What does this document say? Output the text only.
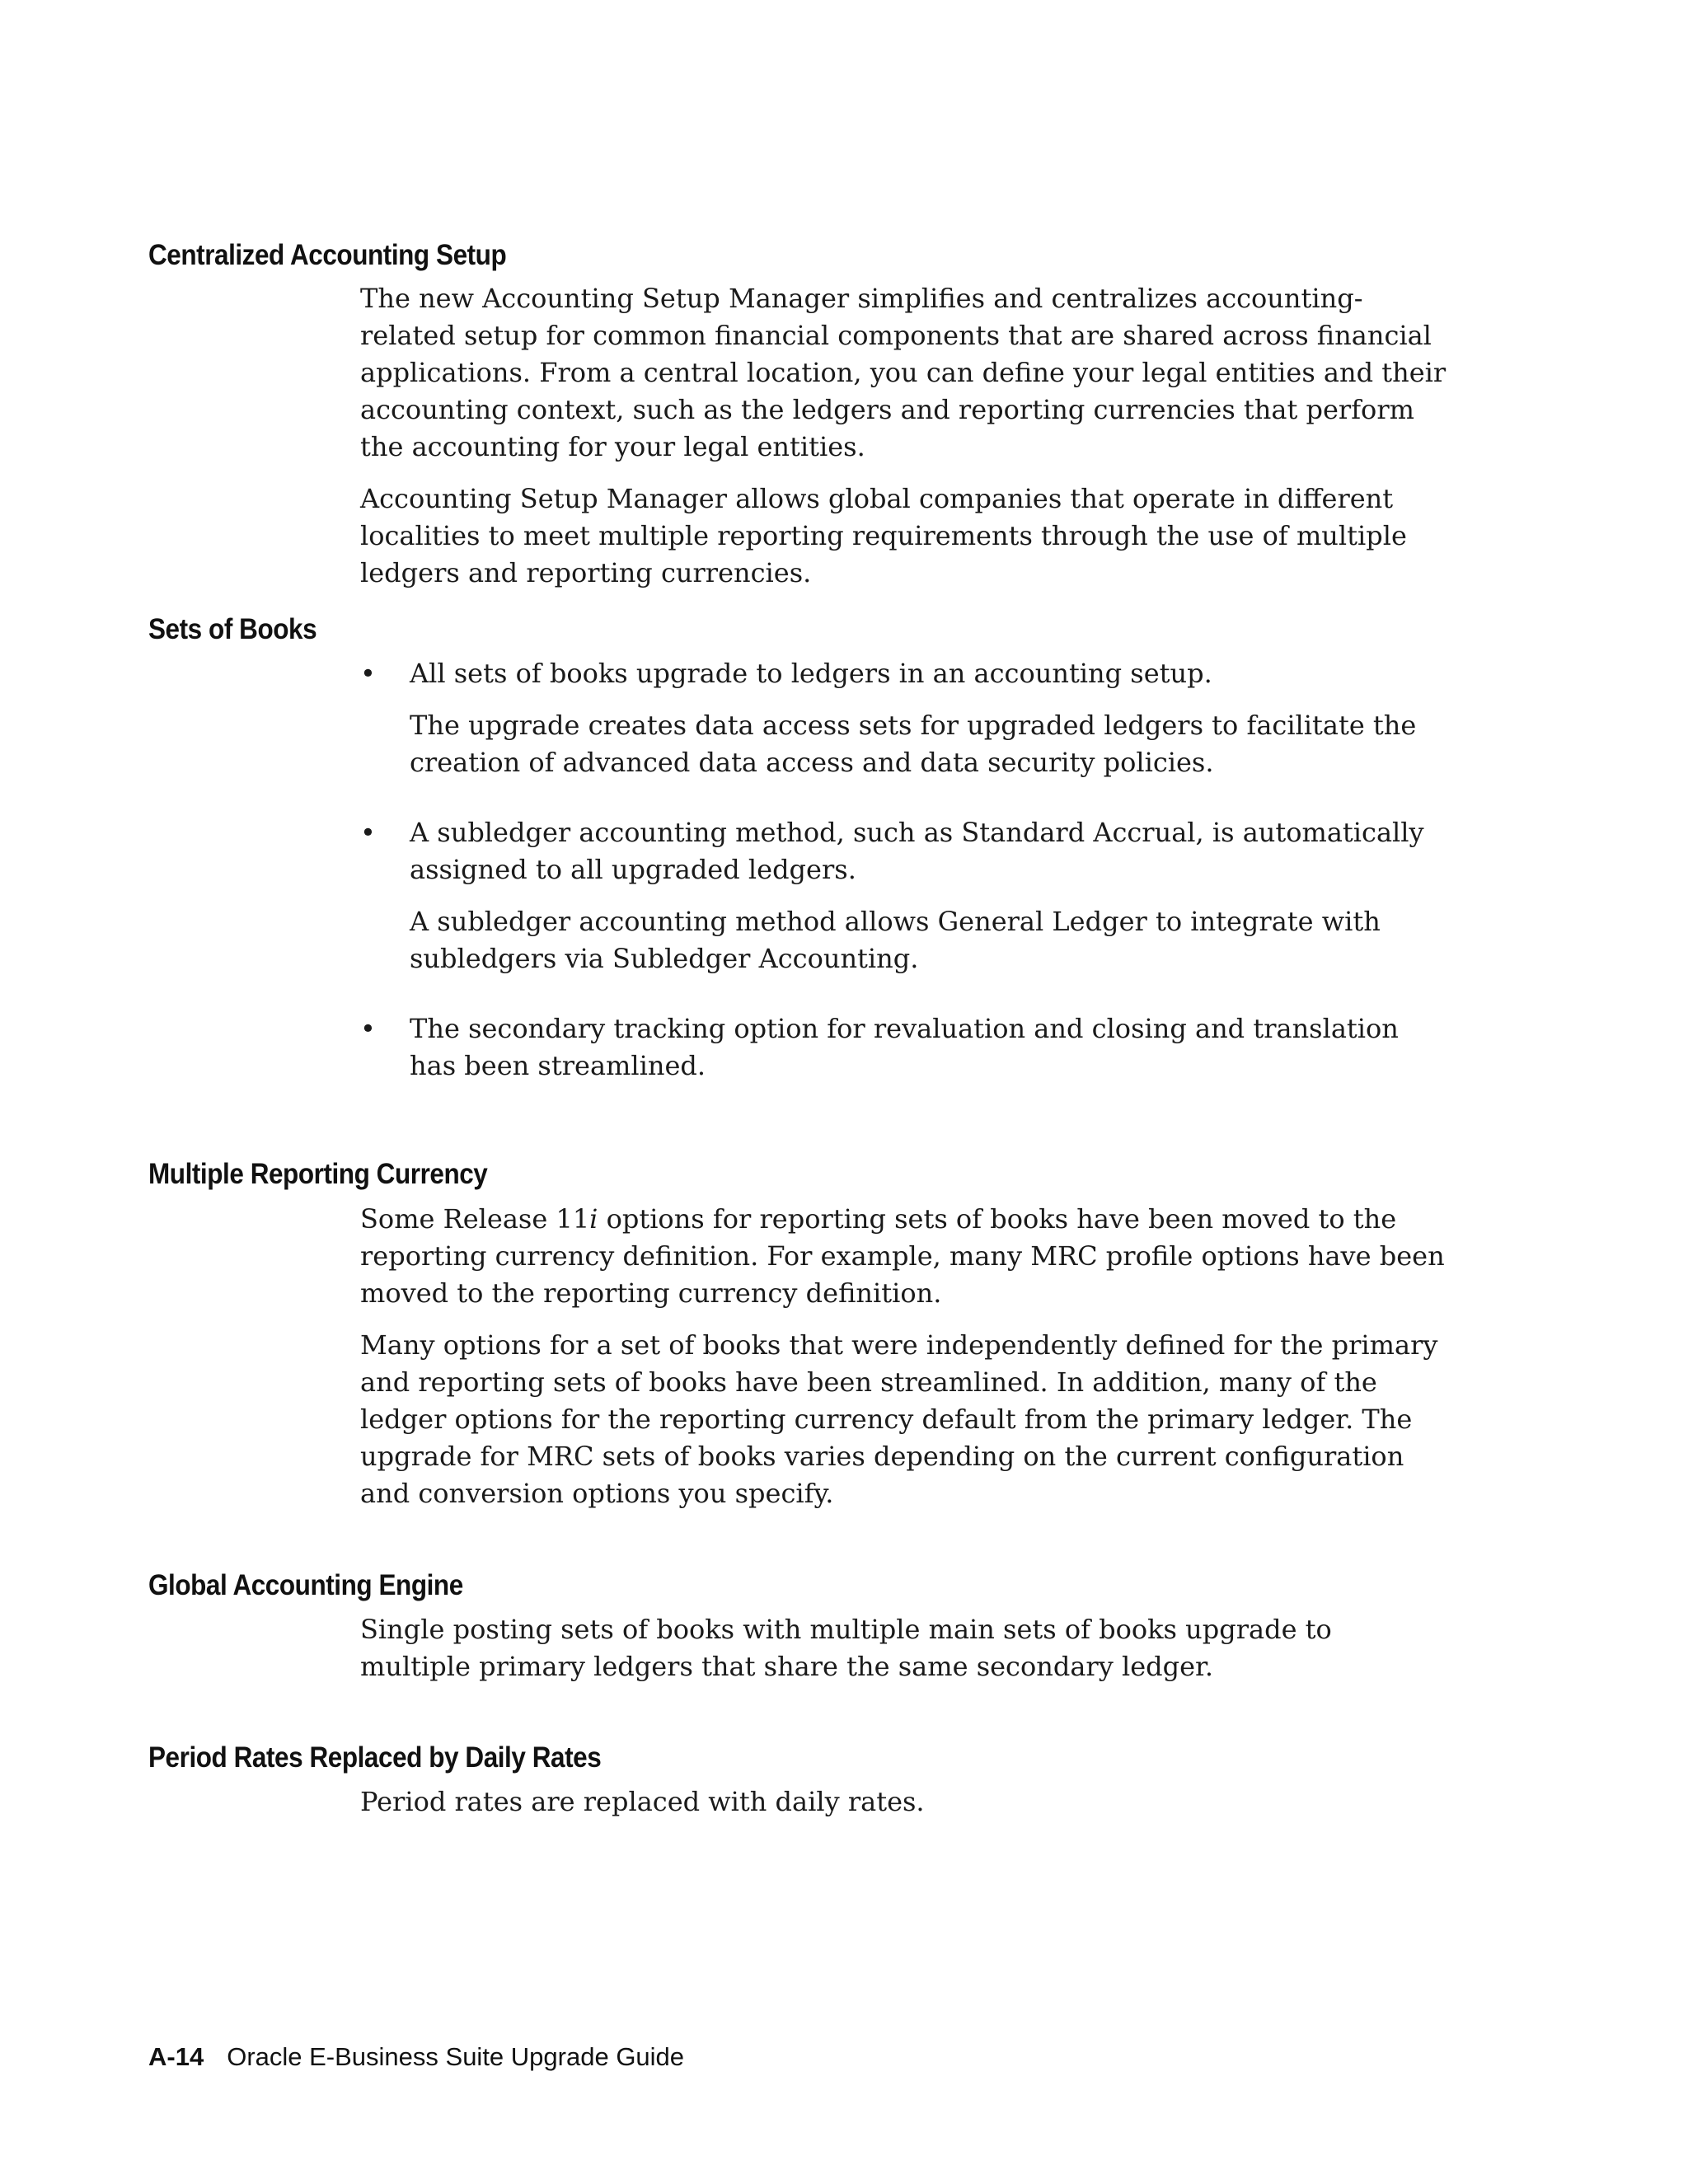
Centralized Accounting Setup

The new Accounting Setup Manager simplifies and centralizes accounting-related setup for common financial components that are shared across financial applications. From a central location, you can define your legal entities and their accounting context, such as the ledgers and reporting currencies that perform the accounting for your legal entities.

Accounting Setup Manager allows global companies that operate in different localities to meet multiple reporting requirements through the use of multiple ledgers and reporting currencies.

Sets of Books
•	All sets of books upgrade to ledgers in an accounting setup.

The upgrade creates data access sets for upgraded ledgers to facilitate the creation of advanced data access and data security policies.

•	A subledger accounting method, such as Standard Accrual, is automatically assigned to all upgraded ledgers.

A subledger accounting method allows General Ledger to integrate with subledgers via Subledger Accounting.

•	The secondary tracking option for revaluation and closing and translation has been streamlined.

Multiple Reporting Currency

Some Release 11i options for reporting sets of books have been moved to the reporting currency definition. For example, many MRC profile options have been moved to the reporting currency definition.

Many options for a set of books that were independently defined for the primary and reporting sets of books have been streamlined. In addition, many of the ledger options for the reporting currency default from the primary ledger. The upgrade for MRC sets of books varies depending on the current configuration and conversion options you specify.

Global Accounting Engine

Single posting sets of books with multiple main sets of books upgrade to multiple primary ledgers that share the same secondary ledger.

Period Rates Replaced by Daily Rates

Period rates are replaced with daily rates.

A-14 Oracle E-Business Suite Upgrade Guide
